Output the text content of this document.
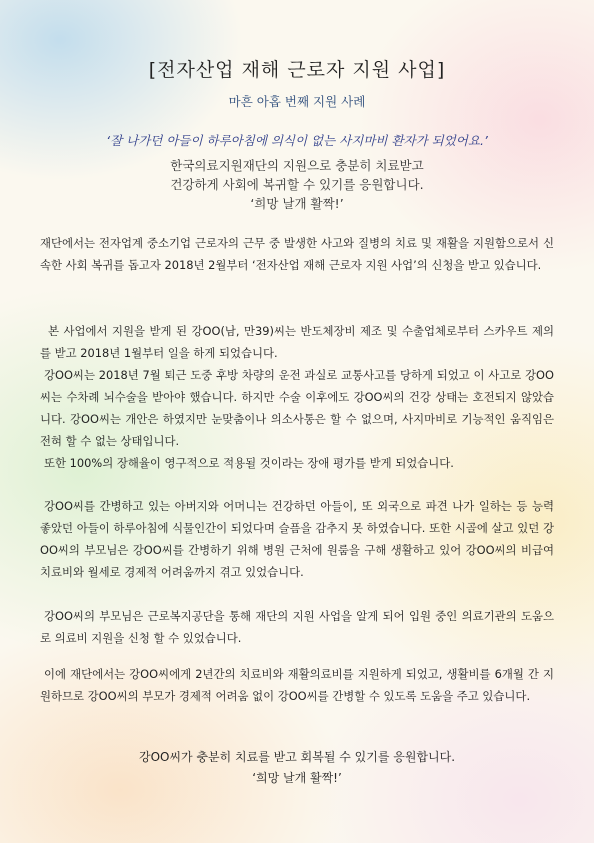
[전자산업 재해 근로자 지원 사업]
마흔 아홉 번째 지원 사례
‘잘 나가던 아들이 하루아침에 의식이 없는 사지마비 환자가 되었어요.’
한국의료지원재단의 지원으로 충분히 치료받고
건강하게 사회에 복귀할 수 있기를 응원합니다.
‘희망 날개 활짝!’

재단에서는 전자업계 중소기업 근로자의 근무 중 발생한 사고와 질병의 치료 및 재활을 지원함으로서 신속한 사회 복귀를 돕고자 2018년 2월부터 ‘전자산업 재해 근로자 지원 사업’의 신청을 받고 있습니다.

본 사업에서 지원을 받게 된 강OO(남, 만39)씨는 반도체장비 제조 및 수출업체로부터 스카우트 제의를 받고 2018년 1월부터 일을 하게 되었습니다.

강OO씨는 2018년 7월 퇴근 도중 후방 차량의 운전 과실로 교통사고를 당하게 되었고 이 사고로 강OO씨는 수차례 뇌수술을 받아야 했습니다. 하지만 수술 이후에도 강OO씨의 건강 상태는 호전되지 않았습니다. 강OO씨는 개안은 하였지만 눈맞춤이나 의소사통은 할 수 없으며, 사지마비로 기능적인 움직임은 전혀 할 수 없는 상태입니다.

또한 100%의 장해율이 영구적으로 적용될 것이라는 장애 평가를 받게 되었습니다.

강OO씨를 간병하고 있는 아버지와 어머니는 건강하던 아들이, 또 외국으로 파견 나가 일하는 등 능력 좋았던 아들이 하루아침에 식물인간이 되었다며 슬픔을 감추지 못 하였습니다. 또한 시골에 살고 있던 강OO씨의 부모님은 강OO씨를 간병하기 위해 병원 근처에 원룸을 구해 생활하고 있어 강OO씨의 비급여 치료비와 월세로 경제적 어려움까지 겪고 있었습니다.

강OO씨의 부모님은 근로복지공단을 통해 재단의 지원 사업을 알게 되어 입원 중인 의료기관의 도움으로 의료비 지원을 신청 할 수 있었습니다.

이에 재단에서는 강OO씨에게 2년간의 치료비와 재활의료비를 지원하게 되었고, 생활비를 6개월 간 지원하므로 강OO씨의 부모가 경제적 어려움 없이 강OO씨를 간병할 수 있도록 도움을 주고 있습니다.

강OO씨가 충분히 치료를 받고 회복될 수 있기를 응원합니다.
‘희망 날개 활짝!’
